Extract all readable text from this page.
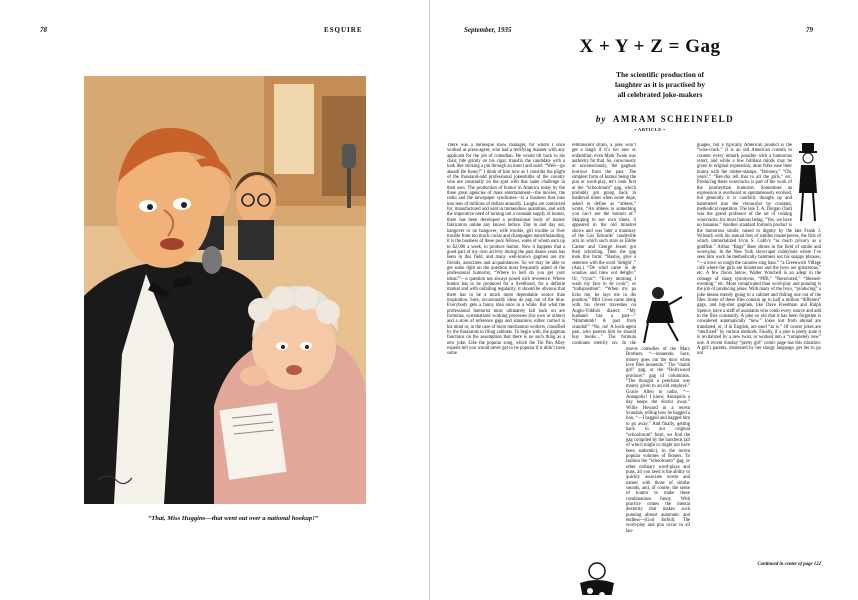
78	ESQUIRE
“That, Miss Huggins—that went out over a national hookup!”
September, 1935	79
X + Y + Z = Gag
The scientific production of
laughter as it is practised by
all celebrated joke-makers
by AMRAM SCHEINFELD
• ARTICLE •

There was a burlesque show manager, for whom I once worked as press-agent, who had a terrifying manner with any applicant for the job of comedian. He would tilt back in his chair, bite grimly on his cigar, transfix the candidate with a look like sticking a pin through an insect and snarl: “Well—go ahead! Be funny!” I think of him now as I consider the plight of the thousand-odd professional jokesmiths of the country who are constantly on the spot with that same challenge in their ears. The production of humor in America today by the three great agencies of mass entertainment—the movies, the radio and the newspaper syndicates—is a business that runs into tens of millions of dollars annually. Laughs are contracted for, manufactured and sold in tremendous quantities, and with the imperative need of turning out a constant supply of humor, there has been developed a professional body of humor fabricators unlike any known before. Day in and day out, hangover or no hangover, wife trouble, girl trouble or liver trouble from too much caviar and champagne notwithstanding, it is the business of these poor fellows, some of whom earn up to $2,000 a week, to produce humor. Now it happens that a good part of my own activity during the past dozen years has been in this field, and many well-known gagmen are my friends, associates and acquaintances. So we may be able to get some light on the question most frequently asked of the professional humorist, “Where in hell do you get your ideas?”—a question not always posed with reverence. Where humor has to be produced for a livelihood, for a definite market and with unfailing regularity, it should be obvious that there has to be a much more dependable source than inspiration. Sure, occasionally ideas do pop out of the blue. Everybody gets a funny idea once in a while. But what the professional humorist must ultimately fall back on are formulas, systematized working processes (his own or others) and a store of reference gags and situations, either carried in his mind or, in the case of more mechanical workers, classified by the thousands in filing cabinets. To begin with, the gagman functions on the assumption that there is no such thing as a new joke. Like the popular song, which the Tin Pan Alley experts tell you would never get to be popular if it didn’t have some

reminiscent strain, a joke won’t get a laugh if it’s too new or unfamiliar; even Mark Twain was authority for that. So, consciously or unconsciously, the gagman borrows from the past. The simplest form of humor being the pun or word-play, let’s look first at the “schoolroom” gag, which probably got going back in medieval times when some dope, asked to define as “abbess,” wrote, “An abbess is something you can’t see the bottom of.” Skipping to our own times, it appeared in the old minstrel shows and was later a mainstay of the Gus Edwards’ vaudeville acts in which such stars as Eddie Cantor and George Jessel got their schooling. Then the gag took this form: “Rastus, give a sentence with the word ‘delight’.” (Ans.) “De wind came in de window and blew out delight.” Or, “cynic”: “Every morning I wash my face in de cynic”; or “indisposition”: “When my pa licks me, he lays me in dis position.” Milt Gross came along with his clever travesties on Anglo-Yiddish dialect: “My husband has a past—” “Hmmmmh! A past from scandal!” “No, no! A hock-agent past, who posters him be should buy books…” The formula continues merrily on: In the movie comedies of the Marx Brothers, “—innuendo. Sure, money goes out the door when love flies innuendo.” The “dumb girl” gag, or the “Hollywood producer” gag of columnists. “The thought a penchant was money given to an old employé.” Gracie Allen in radio, “—Annapolis? I know, Annapolis a day keeps the doctor away.” Willie Howard in a recent Scandals, telling how he bagged a lion, “—I bagged and bagged him to go away.” And finally, getting back to our original “schoolroom” form, we find the gag compiled by the hundreds (all of which might or might not have been authentic), in the recent popular volumes of Boners. To fashion the “schoolroom” gag, or other ordinary word-plays and puns, all you need is the ability to quickly associate words and names with those of similar sounds, and, of course, the sense of humor to make these combinations funny. With practice comes the mental dexterity that makes such punning almost automatic and endless—(God forbid). The word-play and pun occur in all lan-

guages, but a typically American product is the “wise-crack.” It is an old American custom to counter every remark possible with a humorous retort, and while a few brilliant minds may be given to original expression, most folks ease their brains with the rubber-stamps, “Boloney,” “Oh, yeah?,” “Bet-cha tell that to all the girls,” etc. Producing these wisecracks is part of the work of the journeyman humorist. Sometimes an expression is overheard or spontaneously evolved, but generally it is carefully thought up and hammered into the vernacular by constant, methodical repetition. The late T. A. Dorgan (Tad) was the grand professor of the art of coining wisecracks, his most famous being, “Yes, we have no bananas.” Another standard formula product is the humorous simile, raised to dignity by the late Frank J. Wilstach with his annual lists of similes masterpieces, the first of which immortalized Irvin S. Cobb’s “as much privacy as a goldfish.” Arthur “Bugs” Baer shines in the field of simile and word-play. In the New York skyscraper cubbyhole where I’ve seen him work he methodically hammers out his snappy phrases, “—a town so tough the canaries sing bass.” “a Greenwich Village café where the girls are boisterous and the boys are girlsterous,” etc. A few floors below, Walter Winchell is an adept in the coinage of slang synonyms, “Pffft,” “Renovated,” “blessed-eventing,” etc. More complicated than word-play and punning is the job of producing jokes. With many of the boys, “producing” a joke means merely going to a cabinet and fishing one out of the files. Some of these files contain up to half a million “different” gags, and big-shot gagmen, like Dave Freedman and Ralph Spence, have a staff of assistants who comb every source and add to the files constantly. A joke so old that it has been forgotten is considered automatically “new.” Jokes lost from abroad are translated, or, if in English, are used “as is.” Of course jokes are “sterilized” by various methods. Finally, if a joke is pretty stale it is revitalized by a new twist, or worked into a “completely new” one. A recent Sunday “pretty girl” comic page has this situation: A girl’s parents, distressed by her slangy language, get her to go out

Continued in center of page 122
